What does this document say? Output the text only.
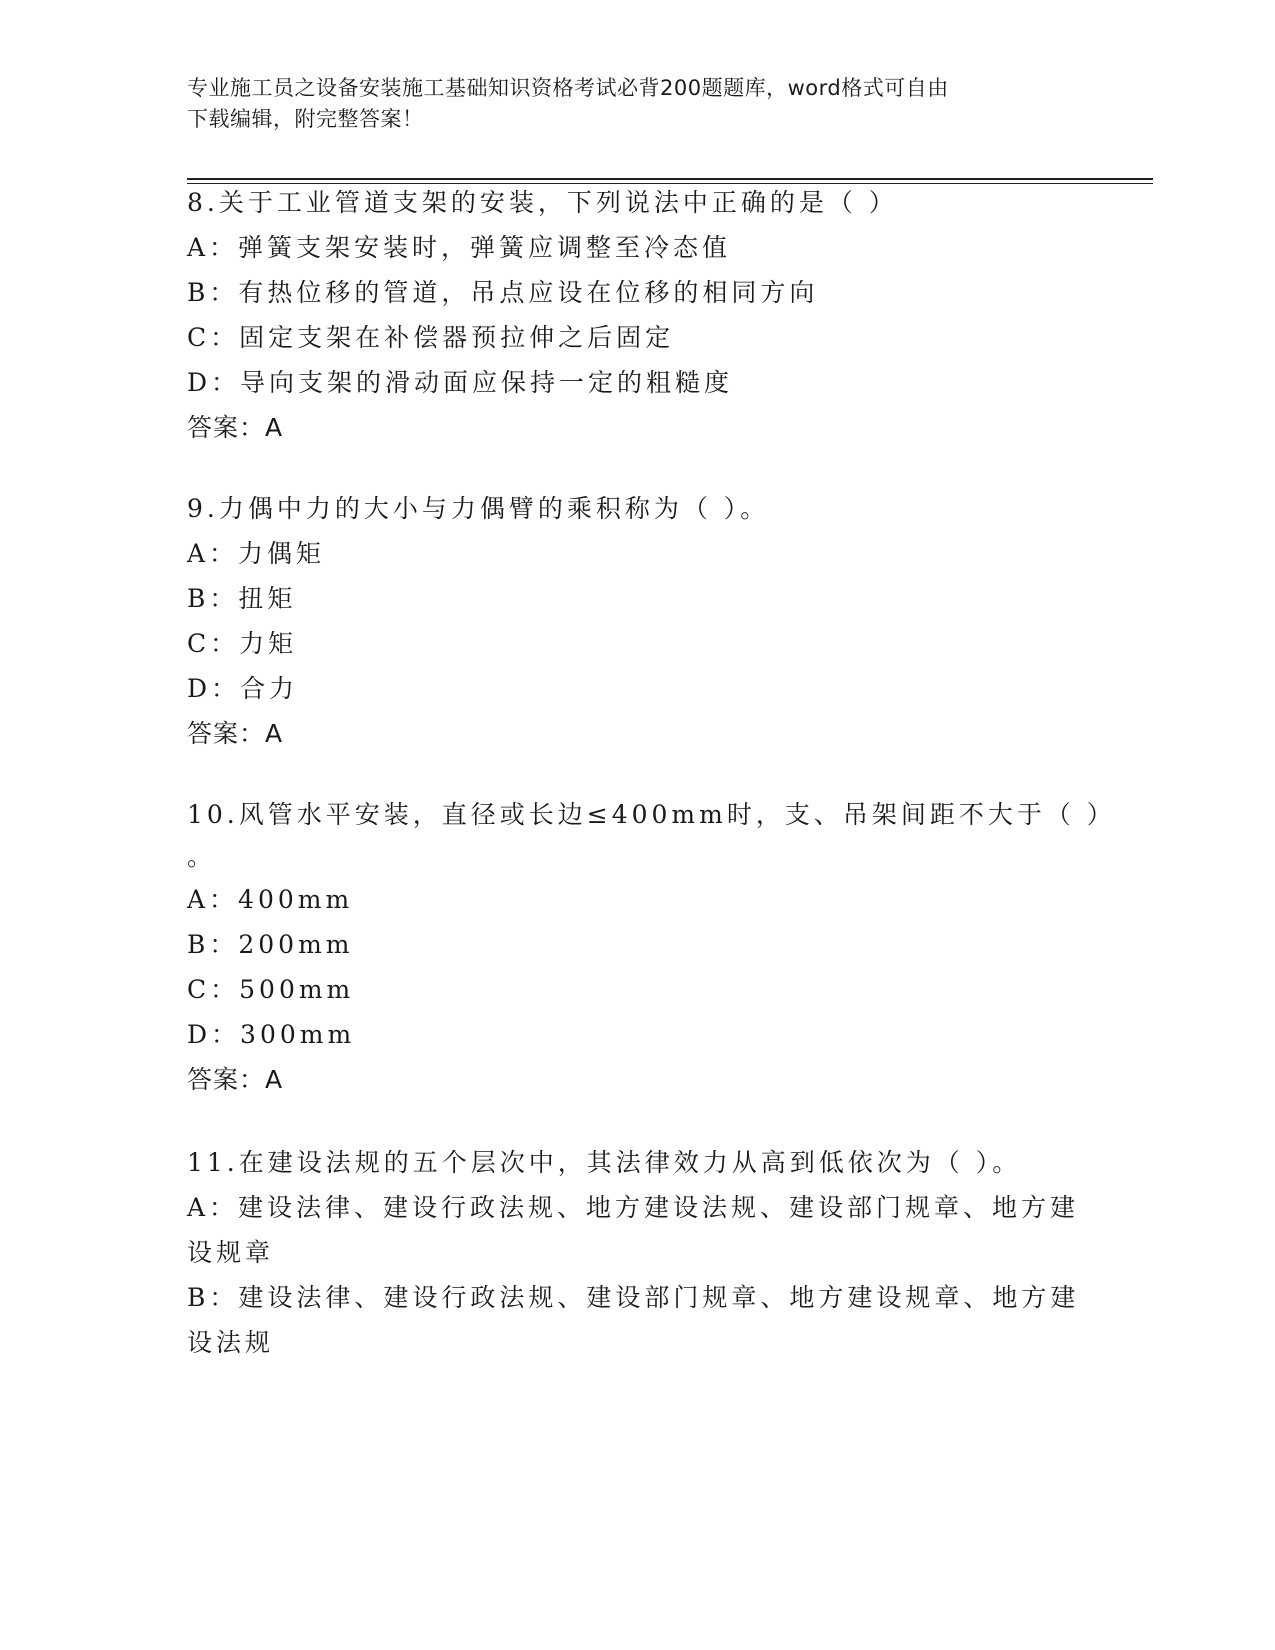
专业施工员之设备安装施工基础知识资格考试必背200题题库，word格式可自由
下载编辑，附完整答案！
8.关于工业管道支架的安装，下列说法中正确的是（ ）
A：弹簧支架安装时，弹簧应调整至冷态值
B：有热位移的管道，吊点应设在位移的相同方向
C：固定支架在补偿器预拉伸之后固定
D：导向支架的滑动面应保持一定的粗糙度
答案：A
9.力偶中力的大小与力偶臂的乘积称为（ ）。
A：力偶矩
B：扭矩
C：力矩
D：合力
答案：A
10.风管水平安装，直径或长边≤400mm时，支、吊架间距不大于（ ）
。
A：400mm
B：200mm
C：500mm
D：300mm
答案：A
11.在建设法规的五个层次中，其法律效力从高到低依次为（ ）。
A：建设法律、建设行政法规、地方建设法规、建设部门规章、地方建
设规章
B：建设法律、建设行政法规、建设部门规章、地方建设规章、地方建
设法规
